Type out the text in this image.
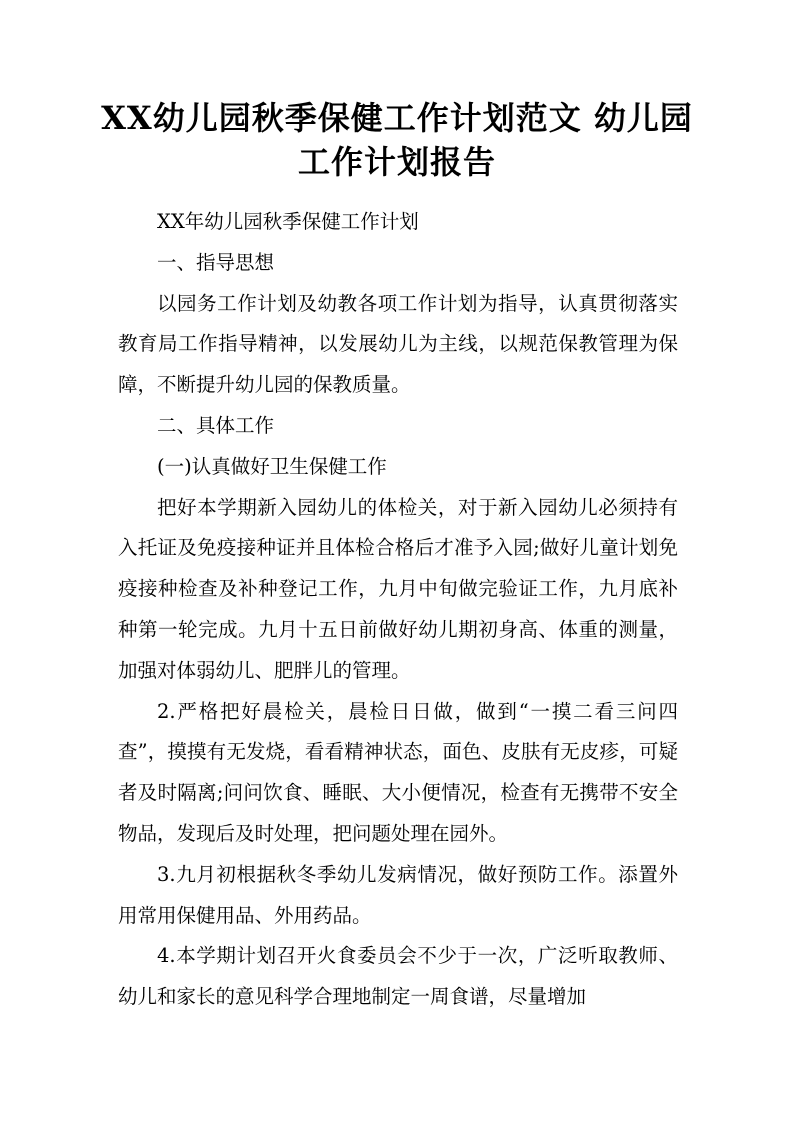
XX幼儿园秋季保健工作计划范文 幼儿园工作计划报告

XX年幼儿园秋季保健工作计划

一、指导思想

以园务工作计划及幼教各项工作计划为指导，认真贯彻落实教育局工作指导精神，以发展幼儿为主线，以规范保教管理为保障，不断提升幼儿园的保教质量。

二、具体工作

(一)认真做好卫生保健工作

把好本学期新入园幼儿的体检关，对于新入园幼儿必须持有入托证及免疫接种证并且体检合格后才准予入园;做好儿童计划免疫接种检查及补种登记工作，九月中旬做完验证工作，九月底补种第一轮完成。九月十五日前做好幼儿期初身高、体重的测量，加强对体弱幼儿、肥胖儿的管理。

2.严格把好晨检关，晨检日日做，做到“一摸二看三问四查”，摸摸有无发烧，看看精神状态，面色、皮肤有无皮疹，可疑者及时隔离;问问饮食、睡眠、大小便情况，检查有无携带不安全物品，发现后及时处理，把问题处理在园外。

3.九月初根据秋冬季幼儿发病情况，做好预防工作。添置外用常用保健用品、外用药品。

4.本学期计划召开火食委员会不少于一次，广泛听取教师、幼儿和家长的意见科学合理地制定一周食谱，尽量增加
